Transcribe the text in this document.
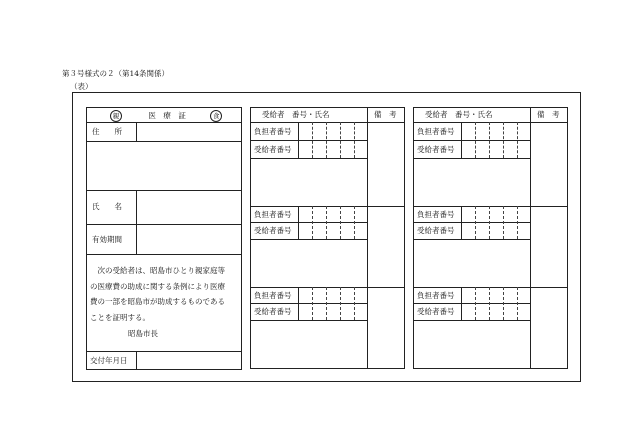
第３号様式の２（第14条関係）
（表）
親	医　療　証	食
住　　所
氏　　名
有効期間
　次の受給者は、昭島市ひとり親家庭等
の医療費の助成に関する条例により医療
費の一部を昭島市が助成するものである
ことを証明する。
昭島市長
交付年月日
受給者　番号・氏名	備　考
負担者番号
受給者番号
負担者番号
受給者番号
負担者番号
受給者番号
受給者　番号・氏名	備　考
負担者番号
受給者番号
負担者番号
受給者番号
負担者番号
受給者番号
